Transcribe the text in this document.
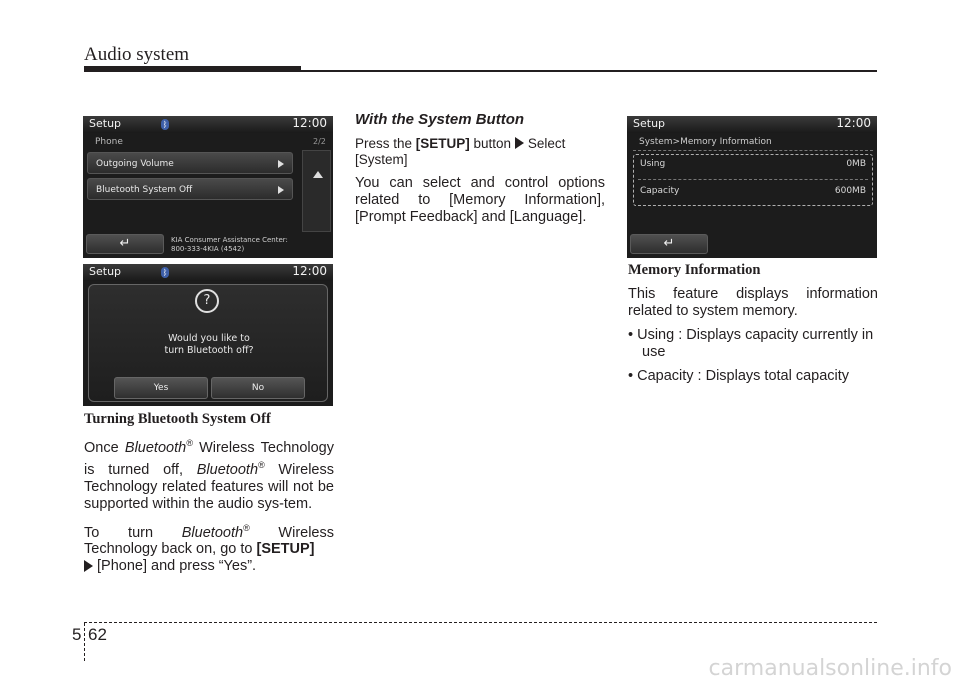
Audio system
Setup	ᛒ	12:00
Phone	2/2
Outgoing Volume
Bluetooth System Off
↵	KIA Consumer Assistance Center:
800-333-4KIA (4542)
Setup	ᛒ	12:00
?
Would you like to
turn Bluetooth off?
Yes	No

Turning Bluetooth System Off

Once Bluetooth® Wireless Technology is turned off, Bluetooth® Wireless Technology related features will not be supported within the audio sys-tem.

To turn Bluetooth® Wireless Technology back on, go to [SETUP]
[Phone] and press “Yes”.

With the System Button

Press the [SETUP] button Select [System]

You can select and control options related to [Memory Information], [Prompt Feedback] and [Language].

Setup	12:00
System>Memory Information
Using	0MB
Capacity	600MB
↵

Memory Information

This feature displays information related to system memory.

• Using : Displays capacity currently in use

• Capacity : Displays total capacity

5 62
carmanualsonline.info
